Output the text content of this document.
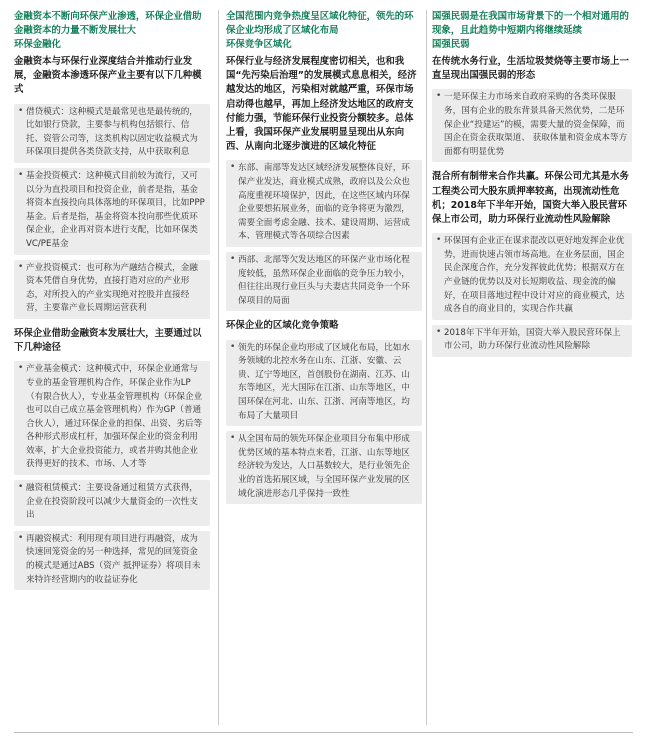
金融资本不断向环保产业渗透，环保企业借助金融资本的力量不断发展壮大
环保金融化

金融资本与环保行业深度结合并推动行业发展，金融资本渗透环保产业主要有以下几种模式

• 借贷模式：这种模式是最常见也是最传统的，比如银行贷款，主要参与机构包括银行、信托、资管公司等，这类机构以固定收益模式为环保项目提供各类贷款支持，从中获取利息
• 基金投资模式：这种模式目前较为流行，又可以分为直投项目和投资企业，前者是指，基金将资本直接投向具体落地的环保项目，比如PPP基金。后者是指，基金将资本投向那些优质环保企业，企业再对资本进行支配，比如环保类VC/PE基金
• 产业投资模式：也可称为产融结合模式，金融资本凭借自身优势，直接打造对应的产业形态，对所投入的产业实现绝对控股并直接经营，主要靠产业长周期运营获利

环保企业借助金融资本发展壮大，主要通过以下几种途径

• 产业基金模式：这种模式中，环保企业通常与专业的基金管理机构合作，环保企业作为LP（有限合伙人），专业基金管理机构（环保企业也可以自己成立基金管理机构）作为GP（普通合伙人），通过环保企业的担保、出资、劣后等各种形式形成杠杆，加强环保企业的资金利用效率，扩大企业投资能力，或者并购其他企业获得更好的技术、市场、人才等
• 融资租赁模式：主要设备通过租赁方式获得，企业在投资阶段可以减少大量资金的一次性支出
• 再融资模式：利用现有项目进行再融资，成为快速回笼资金的另一种选择，常见的回笼资金的模式是通过ABS（资产 抵押证券）将项目未来特许经营期内的收益证券化

全国范围内竞争热度呈区域化特征，领先的环保企业均形成了区域化布局
环保竞争区域化

环保行业与经济发展程度密切相关，也和我国“先污染后治理”的发展模式息息相关，经济越发达的地区，污染相对就越严重，环保市场启动得也越早，再加上经济发达地区的政府支付能力强，节能环保行业投资分额较多。总体上看，我国环保产业发展明显呈现出从东向西、从南向北逐步演进的区域化特征

• 东部、南部等发达区域经济发展整体良好，环保产业发达，商业模式成熟，政府以及公众也高度重视环境保护，因此，在这些区域内环保企业要想拓展业务，面临的竞争将更为激烈，需要全面考虑金融、技术、建设周期、运营成本、管理模式等各项综合因素
• 西部、北部等欠发达地区的环保产业市场化程度较低，虽然环保企业面临的竞争压力较小，但往往出现行业巨头与夫妻店共同竞争一个环保项目的局面

环保企业的区域化竞争策略

• 领先的环保企业均形成了区域化布局，比如水务领域的北控水务在山东、江浙、安徽、云贵、辽宁等地区，首创股份在湖南、江苏、山东等地区，光大国际在江浙、山东等地区，中国环保在河北、山东、江浙、河南等地区，均布局了大量项目
• 从全国布局的领先环保企业项目分布集中形成优势区域的基本特点来看，江浙、山东等地区经济较为发达，人口基数较大，是行业领先企业的首选拓展区域，与全国环保产业发展的区域化演进形态几乎保持一致性

国强民弱是在我国市场背景下的一个相对通用的现象，且此趋势中短期内将继续延续
国强民弱

在传统水务行业，生活垃圾焚烧等主要市场上一直呈现出国强民弱的形态

• 一是环保主力市场来自政府采购的各类环保服务，国有企业的股东背景具备天然优势，二是环保企业“投建运”的模，需要大量的资金保障，而国企在资金获取渠道、 获取体量和资金成本等方面都有明显优势

混合所有制带来合作共赢。环保公司尤其是水务工程类公司大股东质押率较高，出现流动性危机；2018年下半年开始，国资大举入股民营环保上市公司，助力环保行业流动性风险解除

• 环保国有企业正在谋求混改以更好地发挥企业优势，进而快速占领市场高地。在业务层面，国企民企深度合作，充分发挥彼此优势；根据双方在产业链的优势以及对长短期收益、现金流的偏好，在项目落地过程中设计对应的商业模式，达成各自的商业目的，实现合作共赢
• 2018年下半年开始，国资大举入股民营环保上市公司，助力环保行业流动性风险解除
